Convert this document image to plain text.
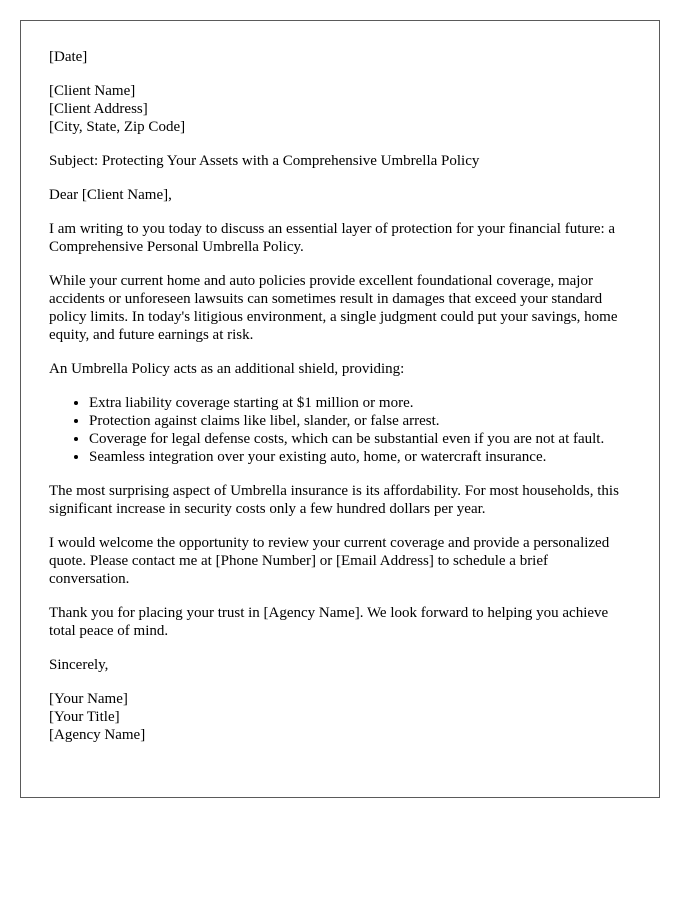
[Date]

[Client Name]
[Client Address]
[City, State, Zip Code]

Subject: Protecting Your Assets with a Comprehensive Umbrella Policy

Dear [Client Name],

I am writing to you today to discuss an essential layer of protection for your financial future: a Comprehensive Personal Umbrella Policy.

While your current home and auto policies provide excellent foundational coverage, major accidents or unforeseen lawsuits can sometimes result in damages that exceed your standard policy limits. In today's litigious environment, a single judgment could put your savings, home equity, and future earnings at risk.

An Umbrella Policy acts as an additional shield, providing:

• Extra liability coverage starting at $1 million or more.
• Protection against claims like libel, slander, or false arrest.
• Coverage for legal defense costs, which can be substantial even if you are not at fault.
• Seamless integration over your existing auto, home, or watercraft insurance.

The most surprising aspect of Umbrella insurance is its affordability. For most households, this significant increase in security costs only a few hundred dollars per year.

I would welcome the opportunity to review your current coverage and provide a personalized quote. Please contact me at [Phone Number] or [Email Address] to schedule a brief conversation.

Thank you for placing your trust in [Agency Name]. We look forward to helping you achieve total peace of mind.

Sincerely,

[Your Name]
[Your Title]
[Agency Name]
